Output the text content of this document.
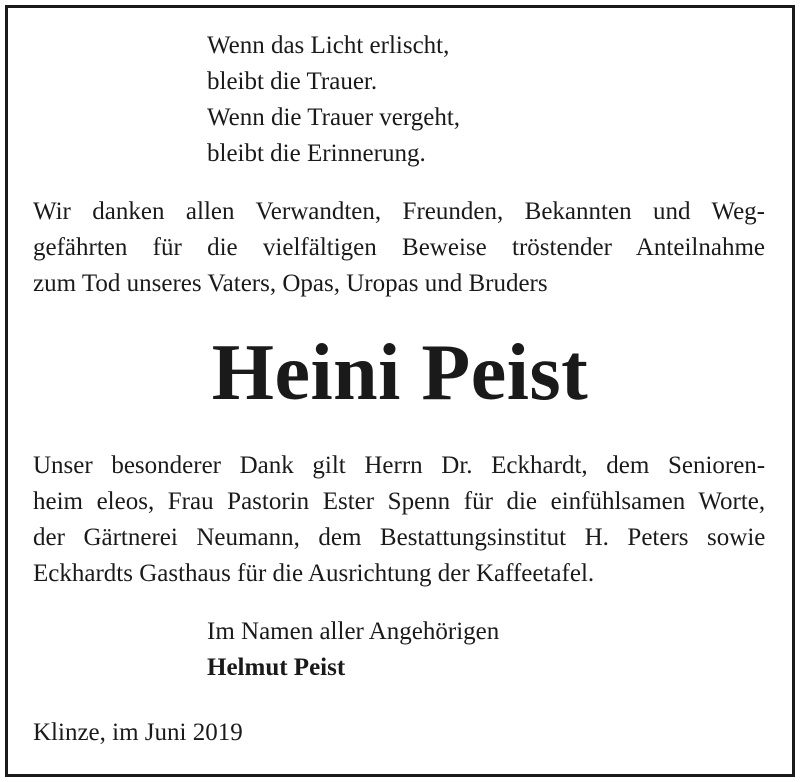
Wenn das Licht erlischt,
bleibt die Trauer.
Wenn die Trauer vergeht,
bleibt die Erinnerung.
Wir danken allen Verwandten, Freunden, Bekannten und Weg-
gefährten für die vielfältigen Beweise tröstender Anteilnahme
zum Tod unseres Vaters, Opas, Uropas und Bruders
Heini Peist
Unser besonderer Dank gilt Herrn Dr. Eckhardt, dem Senioren-
heim eleos, Frau Pastorin Ester Spenn für die einfühlsamen Worte,
der Gärtnerei Neumann, dem Bestattungsinstitut H. Peters sowie
Eckhardts Gasthaus für die Ausrichtung der Kaffeetafel.
Im Namen aller Angehörigen
Helmut Peist
Klinze, im Juni 2019
